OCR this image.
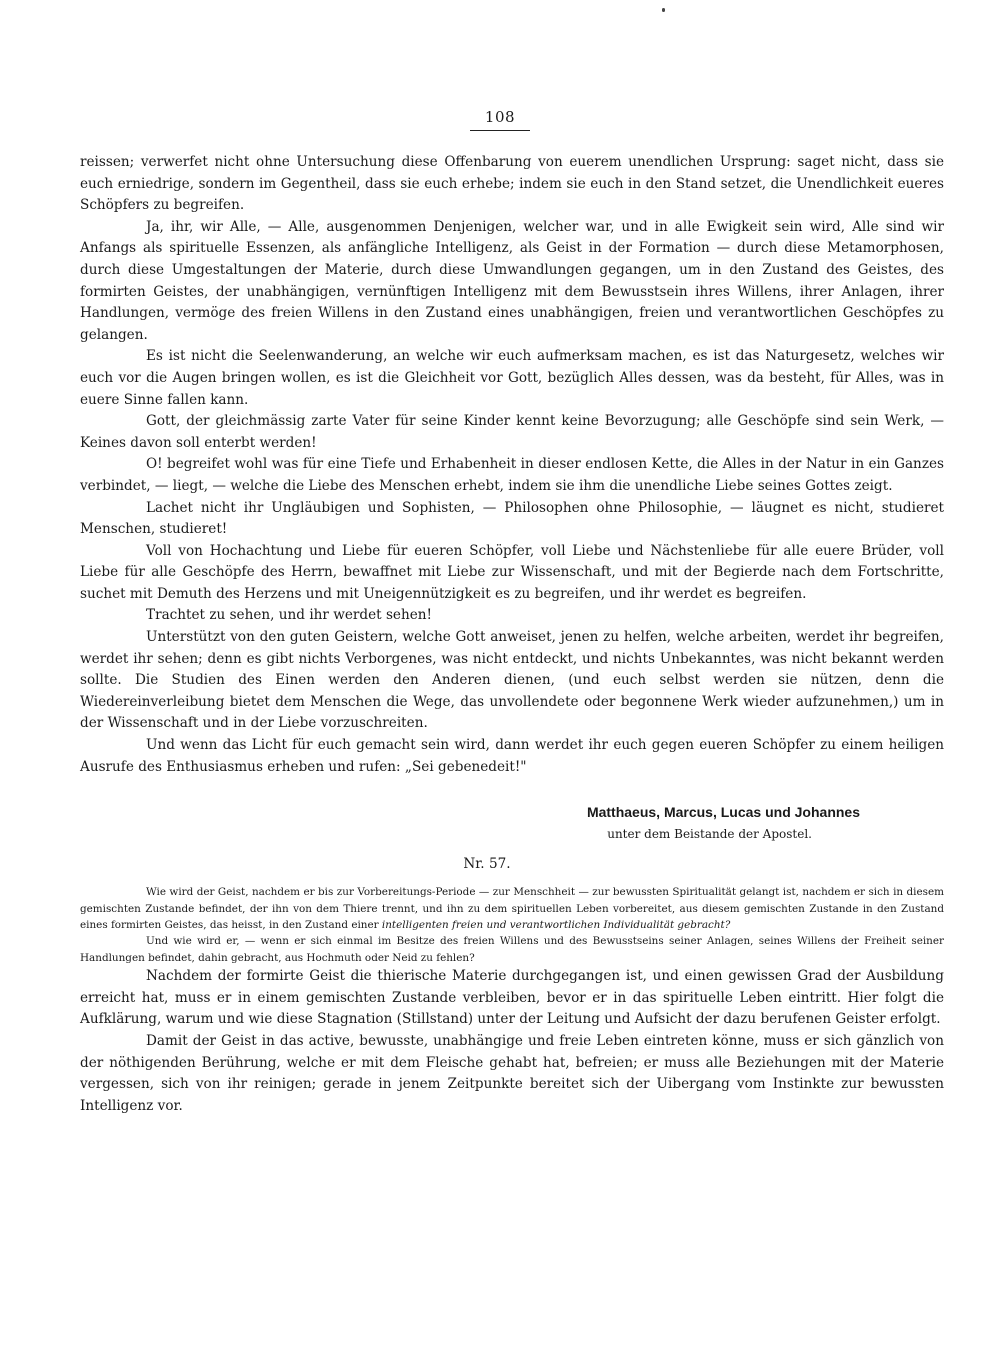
108

reissen; verwerfet nicht ohne Untersuchung diese Offenbarung von euerem unendlichen Ursprung: saget nicht, dass sie euch erniedrige, sondern im Gegentheil, dass sie euch erhebe; indem sie euch in den Stand setzet, die Unendlichkeit eueres Schöpfers zu begreifen.

Ja, ihr, wir Alle, — Alle, ausgenommen Denjenigen, welcher war, und in alle Ewigkeit sein wird, Alle sind wir Anfangs als spirituelle Essenzen, als anfängliche Intelligenz, als Geist in der Formation — durch diese Metamorphosen, durch diese Umgestaltungen der Materie, durch diese Umwandlungen gegangen, um in den Zustand des Geistes, des formirten Geistes, der unabhängigen, vernünftigen Intelligenz mit dem Bewusstsein ihres Willens, ihrer Anlagen, ihrer Handlungen, vermöge des freien Willens in den Zustand eines unabhängigen, freien und verantwortlichen Geschöpfes zu gelangen.

Es ist nicht die Seelenwanderung, an welche wir euch aufmerksam machen, es ist das Naturgesetz, welches wir euch vor die Augen bringen wollen, es ist die Gleichheit vor Gott, bezüglich Alles dessen, was da besteht, für Alles, was in euere Sinne fallen kann.

Gott, der gleichmässig zarte Vater für seine Kinder kennt keine Bevorzugung; alle Geschöpfe sind sein Werk, — Keines davon soll enterbt werden!

O! begreifet wohl was für eine Tiefe und Erhabenheit in dieser endlosen Kette, die Alles in der Natur in ein Ganzes verbindet, — liegt, — welche die Liebe des Menschen erhebt, indem sie ihm die unendliche Liebe seines Gottes zeigt.

Lachet nicht ihr Ungläubigen und Sophisten, — Philosophen ohne Philosophie, — läugnet es nicht, studieret Menschen, studieret!

Voll von Hochachtung und Liebe für eueren Schöpfer, voll Liebe und Nächstenliebe für alle euere Brüder, voll Liebe für alle Geschöpfe des Herrn, bewaffnet mit Liebe zur Wissenschaft, und mit der Begierde nach dem Fortschritte, suchet mit Demuth des Herzens und mit Uneigennützigkeit es zu begreifen, und ihr werdet es begreifen.

Trachtet zu sehen, und ihr werdet sehen!

Unterstützt von den guten Geistern, welche Gott anweiset, jenen zu helfen, welche arbeiten, werdet ihr begreifen, werdet ihr sehen; denn es gibt nichts Verborgenes, was nicht entdeckt, und nichts Unbekanntes, was nicht bekannt werden sollte. Die Studien des Einen werden den Anderen dienen, (und euch selbst werden sie nützen, denn die Wiedereinverleibung bietet dem Menschen die Wege, das unvollendete oder begonnene Werk wieder aufzunehmen,) um in der Wissenschaft und in der Liebe vorzuschreiten.

Und wenn das Licht für euch gemacht sein wird, dann werdet ihr euch gegen eueren Schöpfer zu einem heiligen Ausrufe des Enthusiasmus erheben und rufen: „Sei gebenedeit!"

Matthaeus, Marcus, Lucas und Johannes

unter dem Beistande der Apostel.

Nr. 57.

Wie wird der Geist, nachdem er bis zur Vorbereitungs-Periode — zur Menschheit — zur bewussten Spiritualität gelangt ist, nachdem er sich in diesem gemischten Zustande befindet, der ihn von dem Thiere trennt, und ihn zu dem spirituellen Leben vorbereitet, aus diesem gemischten Zustande in den Zustand eines formirten Geistes, das heisst, in den Zustand einer intelligenten freien und verantwortlichen Individualität gebracht?

Und wie wird er, — wenn er sich einmal im Besitze des freien Willens und des Bewusstseins seiner Anlagen, seines Willens der Freiheit seiner Handlungen befindet, dahin gebracht, aus Hochmuth oder Neid zu fehlen?

Nachdem der formirte Geist die thierische Materie durchgegangen ist, und einen gewissen Grad der Ausbildung erreicht hat, muss er in einem gemischten Zustande verbleiben, bevor er in das spirituelle Leben eintritt. Hier folgt die Aufklärung, warum und wie diese Stagnation (Stillstand) unter der Leitung und Aufsicht der dazu berufenen Geister erfolgt.

Damit der Geist in das active, bewusste, unabhängige und freie Leben eintreten könne, muss er sich gänzlich von der nöthigenden Berührung, welche er mit dem Fleische gehabt hat, befreien; er muss alle Beziehungen mit der Materie vergessen, sich von ihr reinigen; gerade in jenem Zeitpunkte bereitet sich der Uibergang vom Instinkte zur bewussten Intelligenz vor.
